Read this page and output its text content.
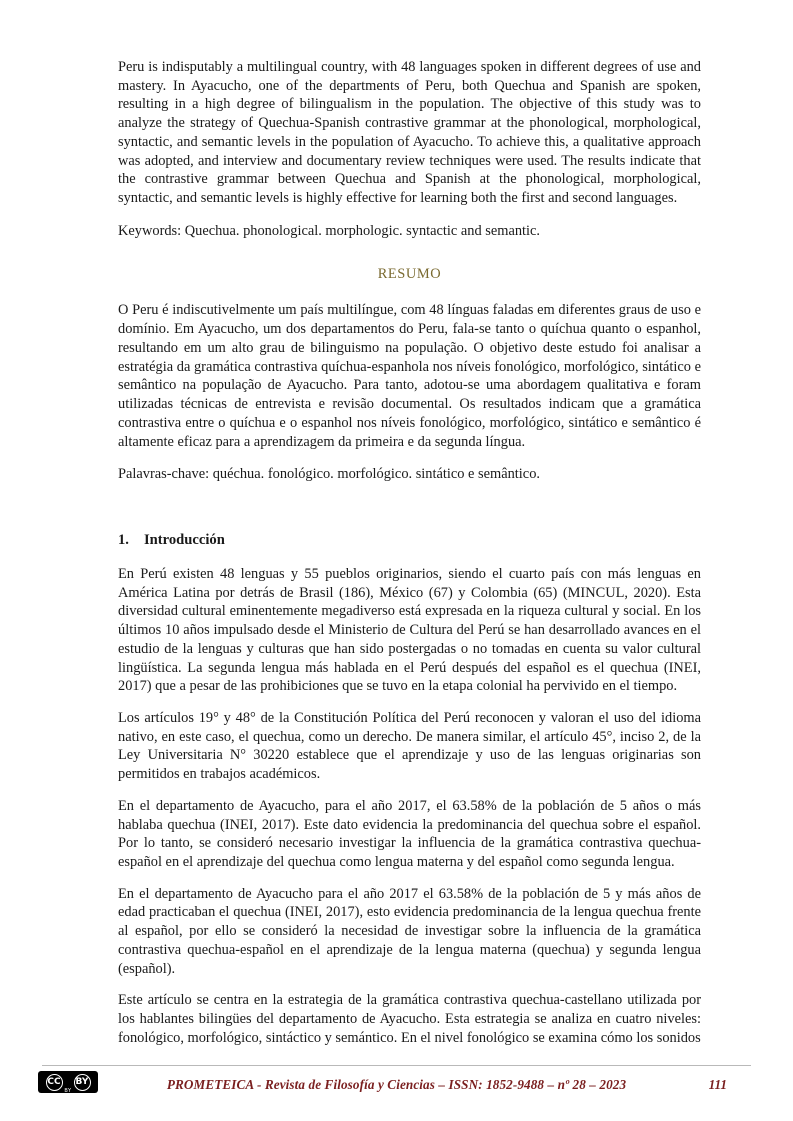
Peru is indisputably a multilingual country, with 48 languages spoken in different degrees of use and mastery. In Ayacucho, one of the departments of Peru, both Quechua and Spanish are spoken, resulting in a high degree of bilingualism in the population. The objective of this study was to analyze the strategy of Quechua-Spanish contrastive grammar at the phonological, morphological, syntactic, and semantic levels in the population of Ayacucho. To achieve this, a qualitative approach was adopted, and interview and documentary review techniques were used. The results indicate that the contrastive grammar between Quechua and Spanish at the phonological, morphological, syntactic, and semantic levels is highly effective for learning both the first and second languages.

Keywords: Quechua. phonological. morphologic. syntactic and semantic.

RESUMO

O Peru é indiscutivelmente um país multilíngue, com 48 línguas faladas em diferentes graus de uso e domínio. Em Ayacucho, um dos departamentos do Peru, fala-se tanto o quíchua quanto o espanhol, resultando em um alto grau de bilinguismo na população. O objetivo deste estudo foi analisar a estratégia da gramática contrastiva quíchua-espanhola nos níveis fonológico, morfológico, sintático e semântico na população de Ayacucho. Para tanto, adotou-se uma abordagem qualitativa e foram utilizadas técnicas de entrevista e revisão documental. Os resultados indicam que a gramática contrastiva entre o quíchua e o espanhol nos níveis fonológico, morfológico, sintático e semântico é altamente eficaz para a aprendizagem da primeira e da segunda língua.

Palavras-chave: quéchua. fonológico. morfológico. sintático e semântico.

1. Introducción

En Perú existen 48 lenguas y 55 pueblos originarios, siendo el cuarto país con más lenguas en América Latina por detrás de Brasil (186), México (67) y Colombia (65) (MINCUL, 2020). Esta diversidad cultural eminentemente megadiverso está expresada en la riqueza cultural y social. En los últimos 10 años impulsado desde el Ministerio de Cultura del Perú se han desarrollado avances en el estudio de la lenguas y culturas que han sido postergadas o no tomadas en cuenta su valor cultural lingüística. La segunda lengua más hablada en el Perú después del español es el quechua (INEI, 2017) que a pesar de las prohibiciones que se tuvo en la etapa colonial ha pervivido en el tiempo.

Los artículos 19° y 48° de la Constitución Política del Perú reconocen y valoran el uso del idioma nativo, en este caso, el quechua, como un derecho. De manera similar, el artículo 45°, inciso 2, de la Ley Universitaria N° 30220 establece que el aprendizaje y uso de las lenguas originarias son permitidos en trabajos académicos.

En el departamento de Ayacucho, para el año 2017, el 63.58% de la población de 5 años o más hablaba quechua (INEI, 2017). Este dato evidencia la predominancia del quechua sobre el español. Por lo tanto, se consideró necesario investigar la influencia de la gramática contrastiva quechua-español en el aprendizaje del quechua como lengua materna y del español como segunda lengua.

En el departamento de Ayacucho para el año 2017 el 63.58% de la población de 5 y más años de edad practicaban el quechua (INEI, 2017), esto evidencia predominancia de la lengua quechua frente al español, por ello se consideró la necesidad de investigar sobre la influencia de la gramática contrastiva quechua-español en el aprendizaje de la lengua materna (quechua) y segunda lengua (español).

Este artículo se centra en la estrategia de la gramática contrastiva quechua-castellano utilizada por los hablantes bilingües del departamento de Ayacucho. Esta estrategia se analiza en cuatro niveles: fonológico, morfológico, sintáctico y semántico. En el nivel fonológico se examina cómo los sonidos

CC BY
BY	PROMETEICA - Revista de Filosofía y Ciencias – ISSN: 1852-9488 – nº 28 – 2023	111
